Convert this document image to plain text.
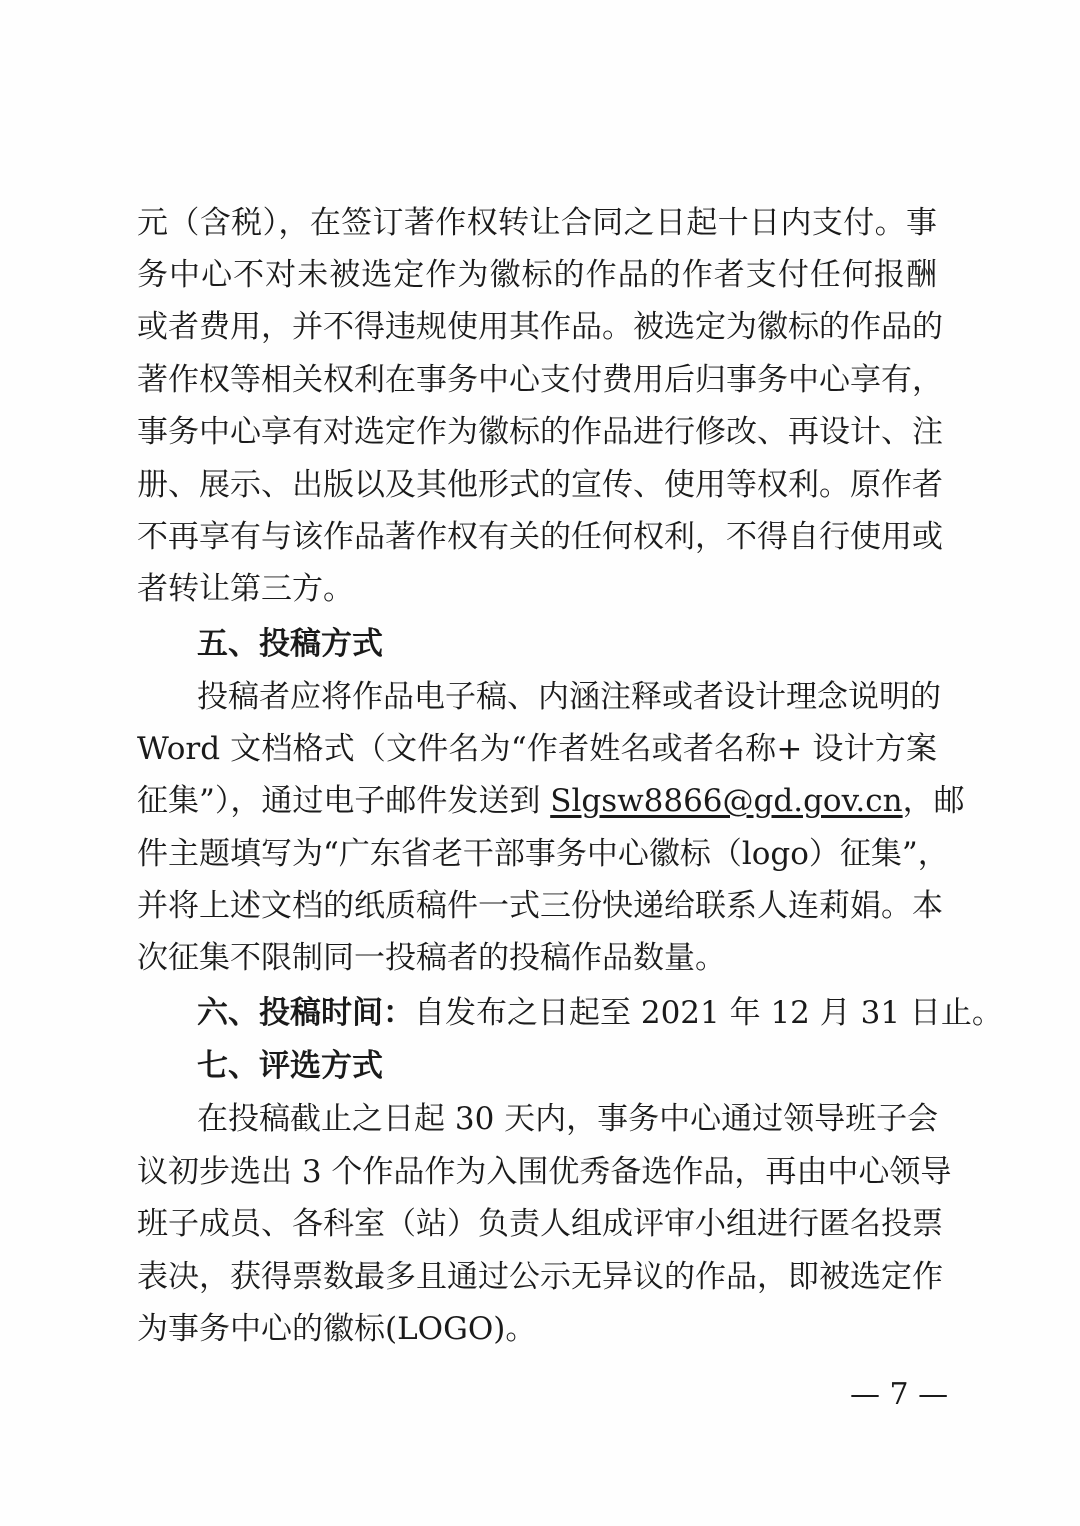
元（含税），在签订著作权转让合同之日起十日内支付。事
务中心不对未被选定作为徽标的作品的作者支付任何报酬
或者费用，并不得违规使用其作品。被选定为徽标的作品的
著作权等相关权利在事务中心支付费用后归事务中心享有，
事务中心享有对选定作为徽标的作品进行修改、再设计、注
册、展示、出版以及其他形式的宣传、使用等权利。原作者
不再享有与该作品著作权有关的任何权利，不得自行使用或
者转让第三方。
五、投稿方式
投稿者应将作品电子稿、内涵注释或者设计理念说明的
Word 文档格式（文件名为“作者姓名或者名称+ 设计方案
征集”），通过电子邮件发送到 Slgsw8866@gd.gov.cn，邮
件主题填写为“广东省老干部事务中心徽标（logo）征集”，
并将上述文档的纸质稿件一式三份快递给联系人连莉娟。本
次征集不限制同一投稿者的投稿作品数量。
六、投稿时间：自发布之日起至 2021 年 12 月 31 日止。
七、评选方式
在投稿截止之日起 30 天内，事务中心通过领导班子会
议初步选出 3 个作品作为入围优秀备选作品，再由中心领导
班子成员、各科室（站）负责人组成评审小组进行匿名投票
表决，获得票数最多且通过公示无异议的作品，即被选定作
为事务中心的徽标(LOGO)。
— 7 —
